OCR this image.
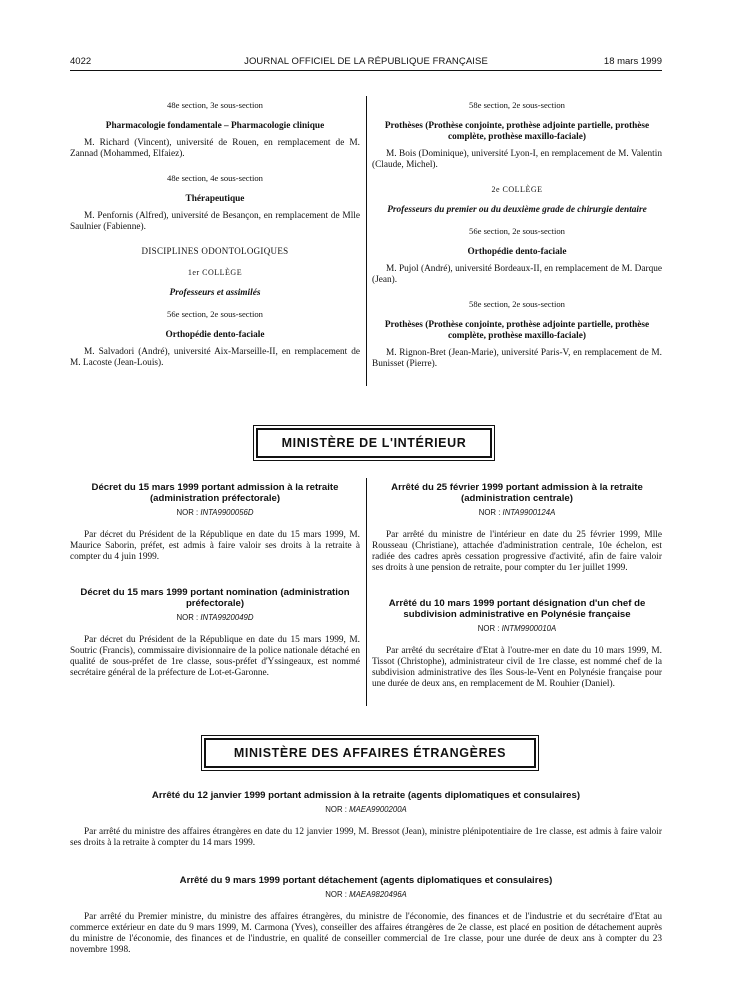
4022	JOURNAL OFFICIEL DE LA RÉPUBLIQUE FRANÇAISE	18 mars 1999

48e section, 3e sous-section

Pharmacologie fondamentale – Pharmacologie clinique

M. Richard (Vincent), université de Rouen, en remplacement de M. Zannad (Mohammed, Elfaiez).

48e section, 4e sous-section

Thérapeutique

M. Penfornis (Alfred), université de Besançon, en remplacement de Mlle Saulnier (Fabienne).

DISCIPLINES ODONTOLOGIQUES

1er COLLÈGE

Professeurs et assimilés

56e section, 2e sous-section

Orthopédie dento-faciale

M. Salvadori (André), université Aix-Marseille-II, en remplacement de M. Lacoste (Jean-Louis).

58e section, 2e sous-section

Prothèses (Prothèse conjointe, prothèse adjointe partielle, prothèse complète, prothèse maxillo-faciale)

M. Bois (Dominique), université Lyon-I, en remplacement de M. Valentin (Claude, Michel).

2e COLLÈGE

Professeurs du premier ou du deuxième grade de chirurgie dentaire

56e section, 2e sous-section

Orthopédie dento-faciale

M. Pujol (André), université Bordeaux-II, en remplacement de M. Darque (Jean).

58e section, 2e sous-section

Prothèses (Prothèse conjointe, prothèse adjointe partielle, prothèse complète, prothèse maxillo-faciale)

M. Rignon-Bret (Jean-Marie), université Paris-V, en remplacement de M. Bunisset (Pierre).

MINISTÈRE DE L'INTÉRIEUR

Décret du 15 mars 1999 portant admission à la retraite (administration préfectorale)

NOR : INTA9900056D

Par décret du Président de la République en date du 15 mars 1999, M. Maurice Saborin, préfet, est admis à faire valoir ses droits à la retraite à compter du 4 juin 1999.

Décret du 15 mars 1999 portant nomination (administration préfectorale)

NOR : INTA9920049D

Par décret du Président de la République en date du 15 mars 1999, M. Soutric (Francis), commissaire divisionnaire de la police nationale détaché en qualité de sous-préfet de 1re classe, sous-préfet d'Yssingeaux, est nommé secrétaire général de la préfecture de Lot-et-Garonne.

Arrêté du 25 février 1999 portant admission à la retraite (administration centrale)

NOR : INTA9900124A

Par arrêté du ministre de l'intérieur en date du 25 février 1999, Mlle Rousseau (Christiane), attachée d'administration centrale, 10e échelon, est radiée des cadres après cessation progressive d'activité, afin de faire valoir ses droits à une pension de retraite, pour compter du 1er juillet 1999.

Arrêté du 10 mars 1999 portant désignation d'un chef de subdivision administrative en Polynésie française

NOR : INTM9900010A

Par arrêté du secrétaire d'Etat à l'outre-mer en date du 10 mars 1999, M. Tissot (Christophe), administrateur civil de 1re classe, est nommé chef de la subdivision administrative des îles Sous-le-Vent en Polynésie française pour une durée de deux ans, en remplacement de M. Rouhier (Daniel).

MINISTÈRE DES AFFAIRES ÉTRANGÈRES

Arrêté du 12 janvier 1999 portant admission à la retraite (agents diplomatiques et consulaires)

NOR : MAEA9900200A

Par arrêté du ministre des affaires étrangères en date du 12 janvier 1999, M. Bressot (Jean), ministre plénipotentiaire de 1re classe, est admis à faire valoir ses droits à la retraite à compter du 14 mars 1999.

Arrêté du 9 mars 1999 portant détachement (agents diplomatiques et consulaires)

NOR : MAEA9820496A

Par arrêté du Premier ministre, du ministre des affaires étrangères, du ministre de l'économie, des finances et de l'industrie et du secrétaire d'Etat au commerce extérieur en date du 9 mars 1999, M. Carmona (Yves), conseiller des affaires étrangères de 2e classe, est placé en position de détachement auprès du ministre de l'économie, des finances et de l'industrie, en qualité de conseiller commercial de 1re classe, pour une durée de deux ans à compter du 23 novembre 1998.
